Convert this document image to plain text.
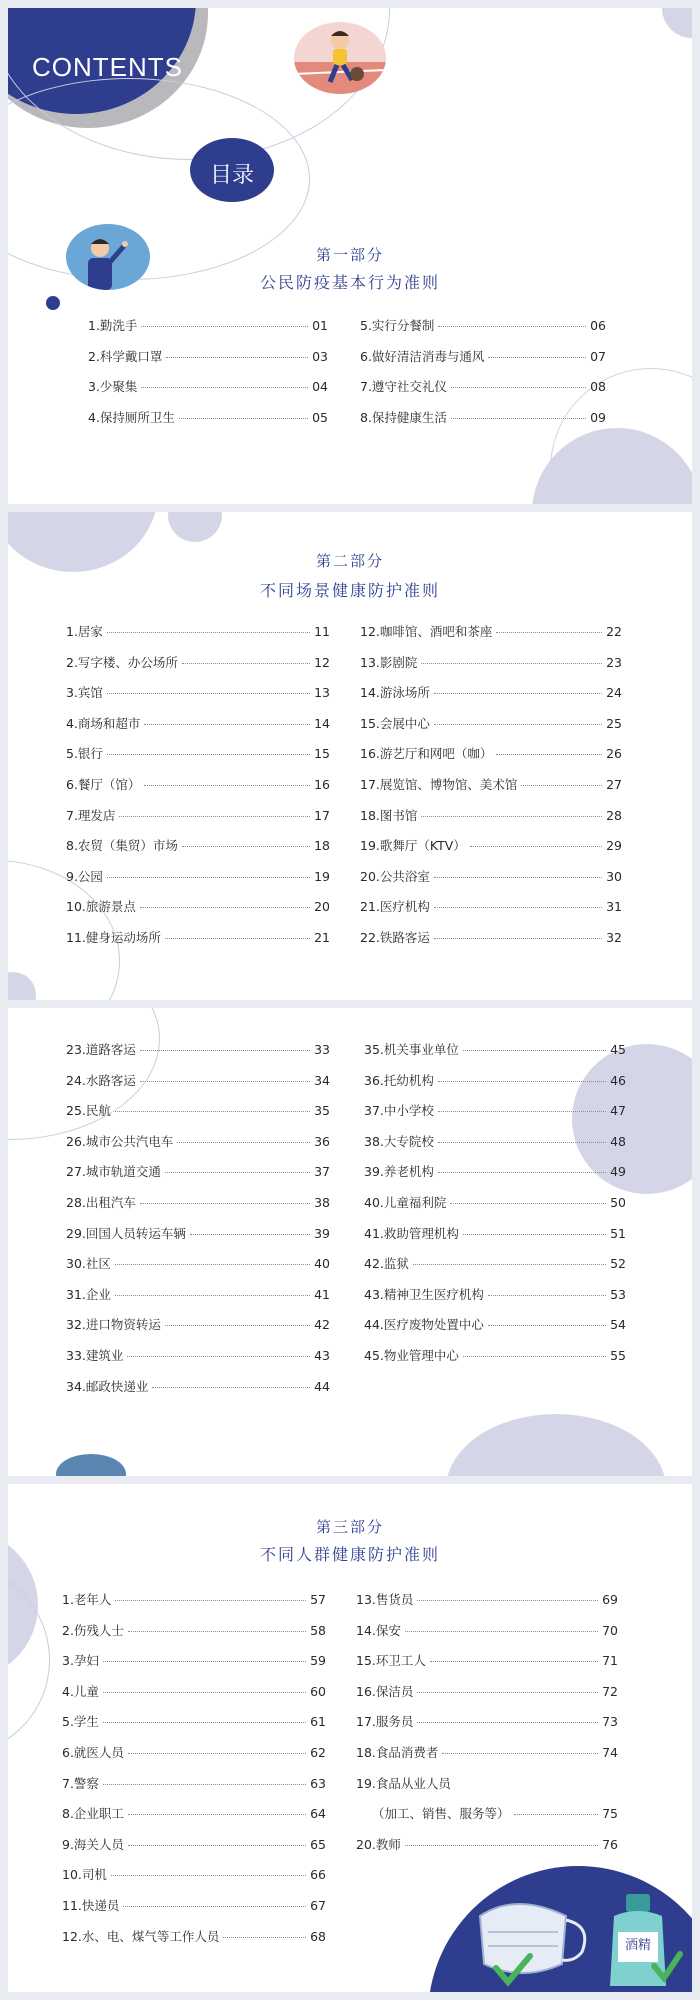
CONTENTS
目录
第一部分
公民防疫基本行为准则
1.勤洗手	01
2.科学戴口罩	03
3.少聚集	04
4.保持厕所卫生	05
5.实行分餐制	06
6.做好清洁消毒与通风	07
7.遵守社交礼仪	08
8.保持健康生活	09
第二部分
不同场景健康防护准则
1.居家	11
2.写字楼、办公场所	12
3.宾馆	13
4.商场和超市	14
5.银行	15
6.餐厅（馆）	16
7.理发店	17
8.农贸（集贸）市场	18
9.公园	19
10.旅游景点	20
11.健身运动场所	21
12.咖啡馆、酒吧和茶座	22
13.影剧院	23
14.游泳场所	24
15.会展中心	25
16.游艺厅和网吧（咖）	26
17.展览馆、博物馆、美术馆	27
18.图书馆	28
19.歌舞厅（KTV）	29
20.公共浴室	30
21.医疗机构	31
22.铁路客运	32
23.道路客运	33
24.水路客运	34
25.民航	35
26.城市公共汽电车	36
27.城市轨道交通	37
28.出租汽车	38
29.回国人员转运车辆	39
30.社区	40
31.企业	41
32.进口物资转运	42
33.建筑业	43
34.邮政快递业	44
35.机关事业单位	45
36.托幼机构	46
37.中小学校	47
38.大专院校	48
39.养老机构	49
40.儿童福利院	50
41.救助管理机构	51
42.监狱	52
43.精神卫生医疗机构	53
44.医疗废物处置中心	54
45.物业管理中心	55
第三部分
不同人群健康防护准则
1.老年人	57
2.伤残人士	58
3.孕妇	59
4.儿童	60
5.学生	61
6.就医人员	62
7.警察	63
8.企业职工	64
9.海关人员	65
10.司机	66
11.快递员	67
12.水、电、煤气等工作人员	68
13.售货员	69
14.保安	70
15.环卫工人	71
16.保洁员	72
17.服务员	73
18.食品消费者	74
19.食品从业人员
（加工、销售、服务等）	75
20.教师	76
酒精
